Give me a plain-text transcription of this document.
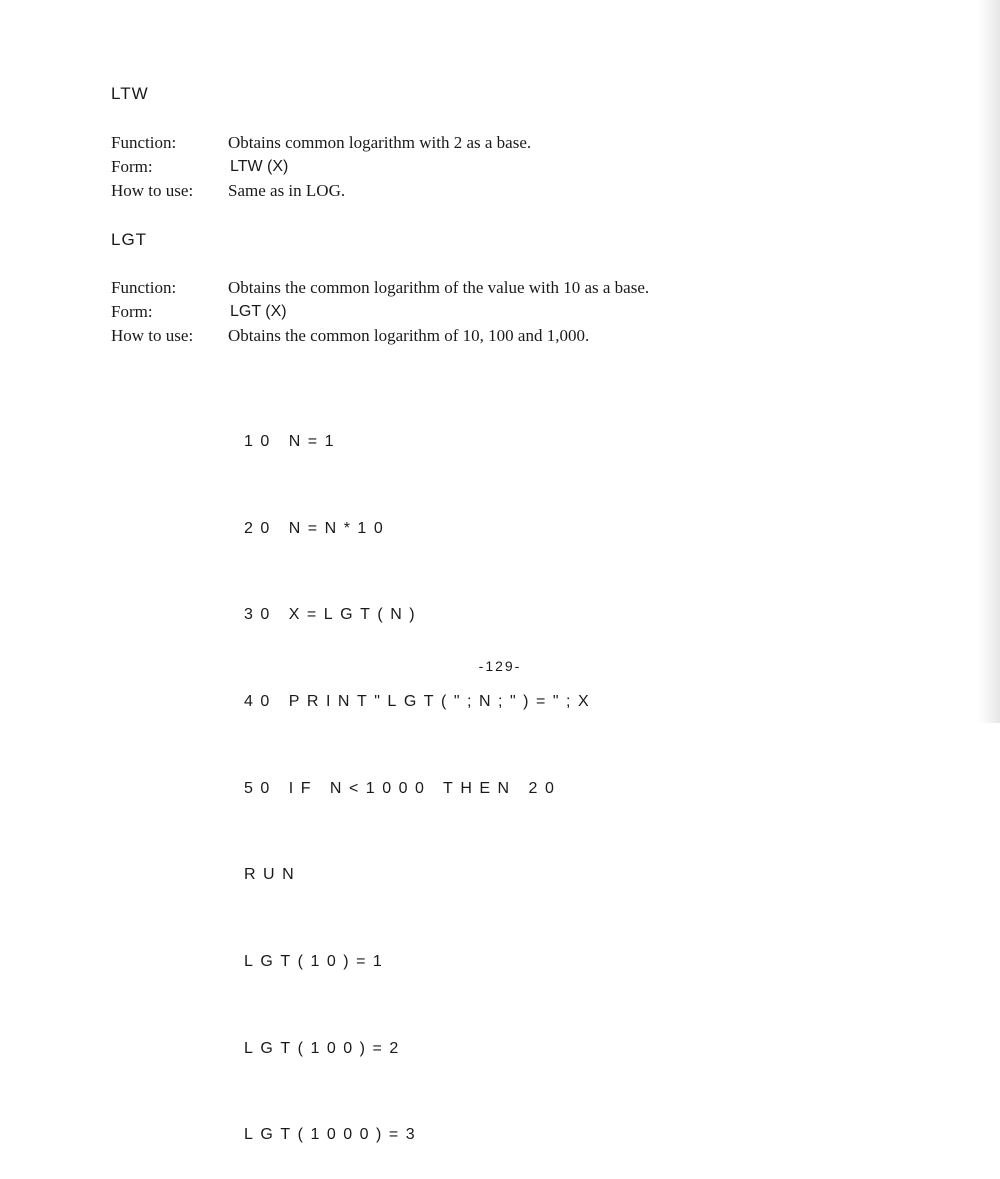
LTW
Function:	Obtains common logarithm with 2 as a base.
Form:	LTW (X)
How to use: Same as in LOG.
LGT
Function:	Obtains the common logarithm of the value with 10 as a base.
Form:	LGT (X)
How to use: Obtains the common logarithm of 10, 100 and 1,000.

10 N=1

20 N=N*10

30 X=LGT(N)

40 PRINT"LGT(";N;")=";X

50 IF N<1000 THEN 20

RUN

LGT(10)=1

LGT(100)=2

LGT(1000)=3

-129-
